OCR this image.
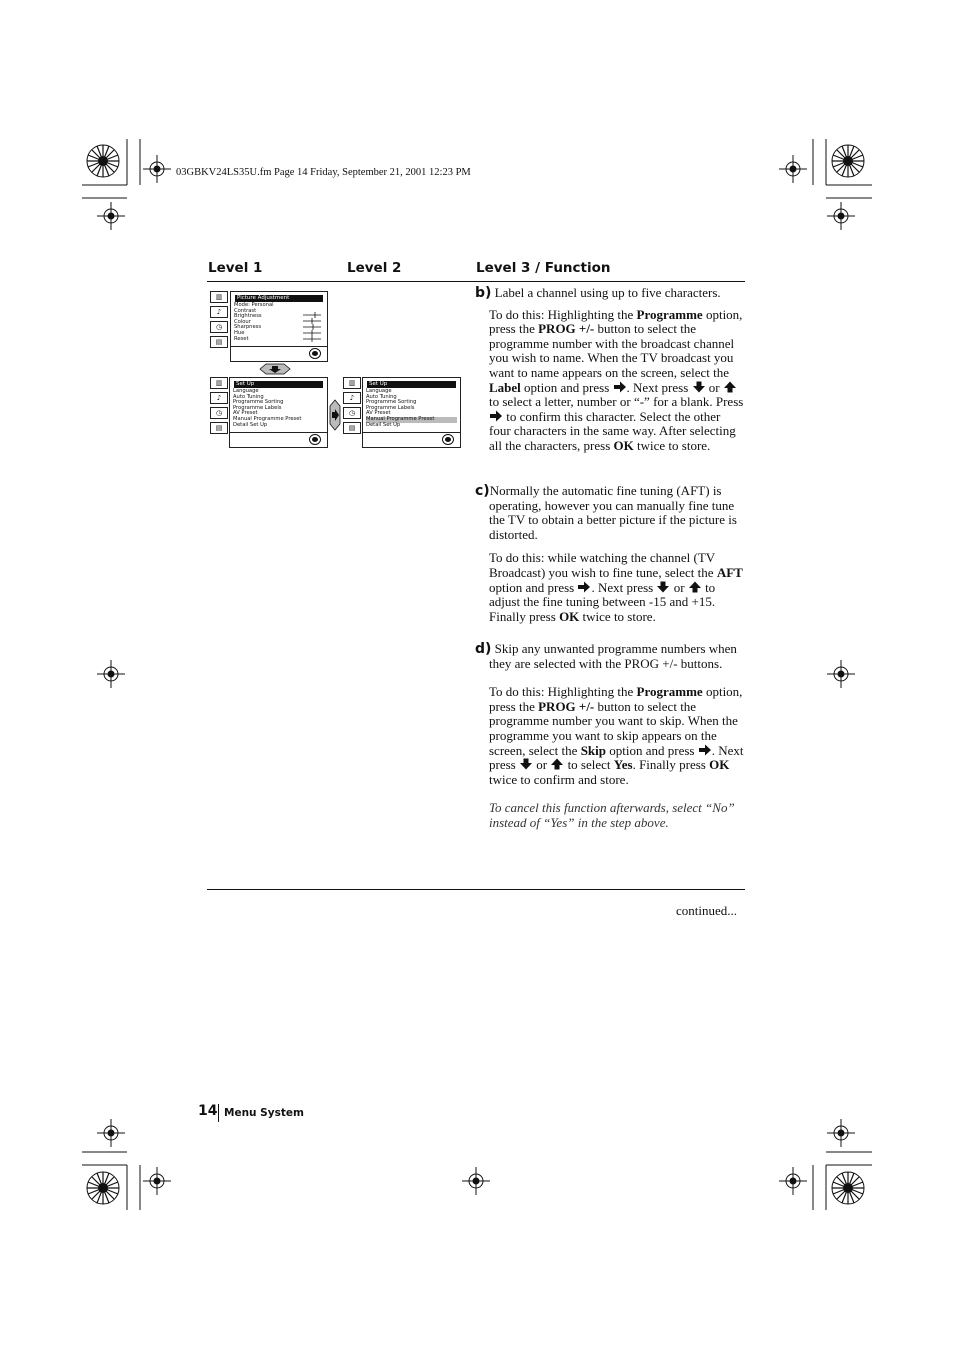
03GBKV24LS35U.fm Page 14 Friday, September 21, 2001 12:23 PM
Level 1	Level 2	Level 3 / Function
▥
♪
◷
▤
Picture Adjustment
Mode: Personal
Contrast
Brightness
Colour
Sharpness
Hue
Reset
▥
♪
◷
▤
Set Up
Language
Auto Tuning
Programme Sorting
Programme Labels
AV Preset
Manual Programme Preset
Detail Set Up
▥
♪
◷
▤
Set Up
Language
Auto Tuning
Programme Sorting
Programme Labels
AV Preset
Manual Programme Preset
Detail Set Up

b) Label a channel using up to five characters.

To do this: Highlighting the Programme option, press the PROG +/- button to select the programme number with the broadcast channel you wish to name. When the TV broadcast you want to name appears on the screen, select the Label option and press . Next press or  to select a letter, number or “-” for a blank. Press  to confirm this character. Select the other four characters in the same way. After selecting all the characters, press OK twice to store.

c)Normally the automatic fine tuning (AFT) is operating, however you can manually fine tune the TV to obtain a better picture if the picture is distorted.

To do this: while watching the channel (TV Broadcast) you wish to fine tune, select the AFT option and press . Next press or to adjust the fine tuning between -15 and +15. Finally press OK twice to store.

d) Skip any unwanted programme numbers when they are selected with the PROG +/- buttons.

To do this: Highlighting the Programme option, press the PROG +/- button to select the programme number you want to skip. When the programme you want to skip appears on the screen, select the Skip option and press . Next press or to select Yes. Finally press OK twice to confirm and store.

To cancel this function afterwards, select “No” instead of “Yes” in the step above.

continued...
14 Menu System
